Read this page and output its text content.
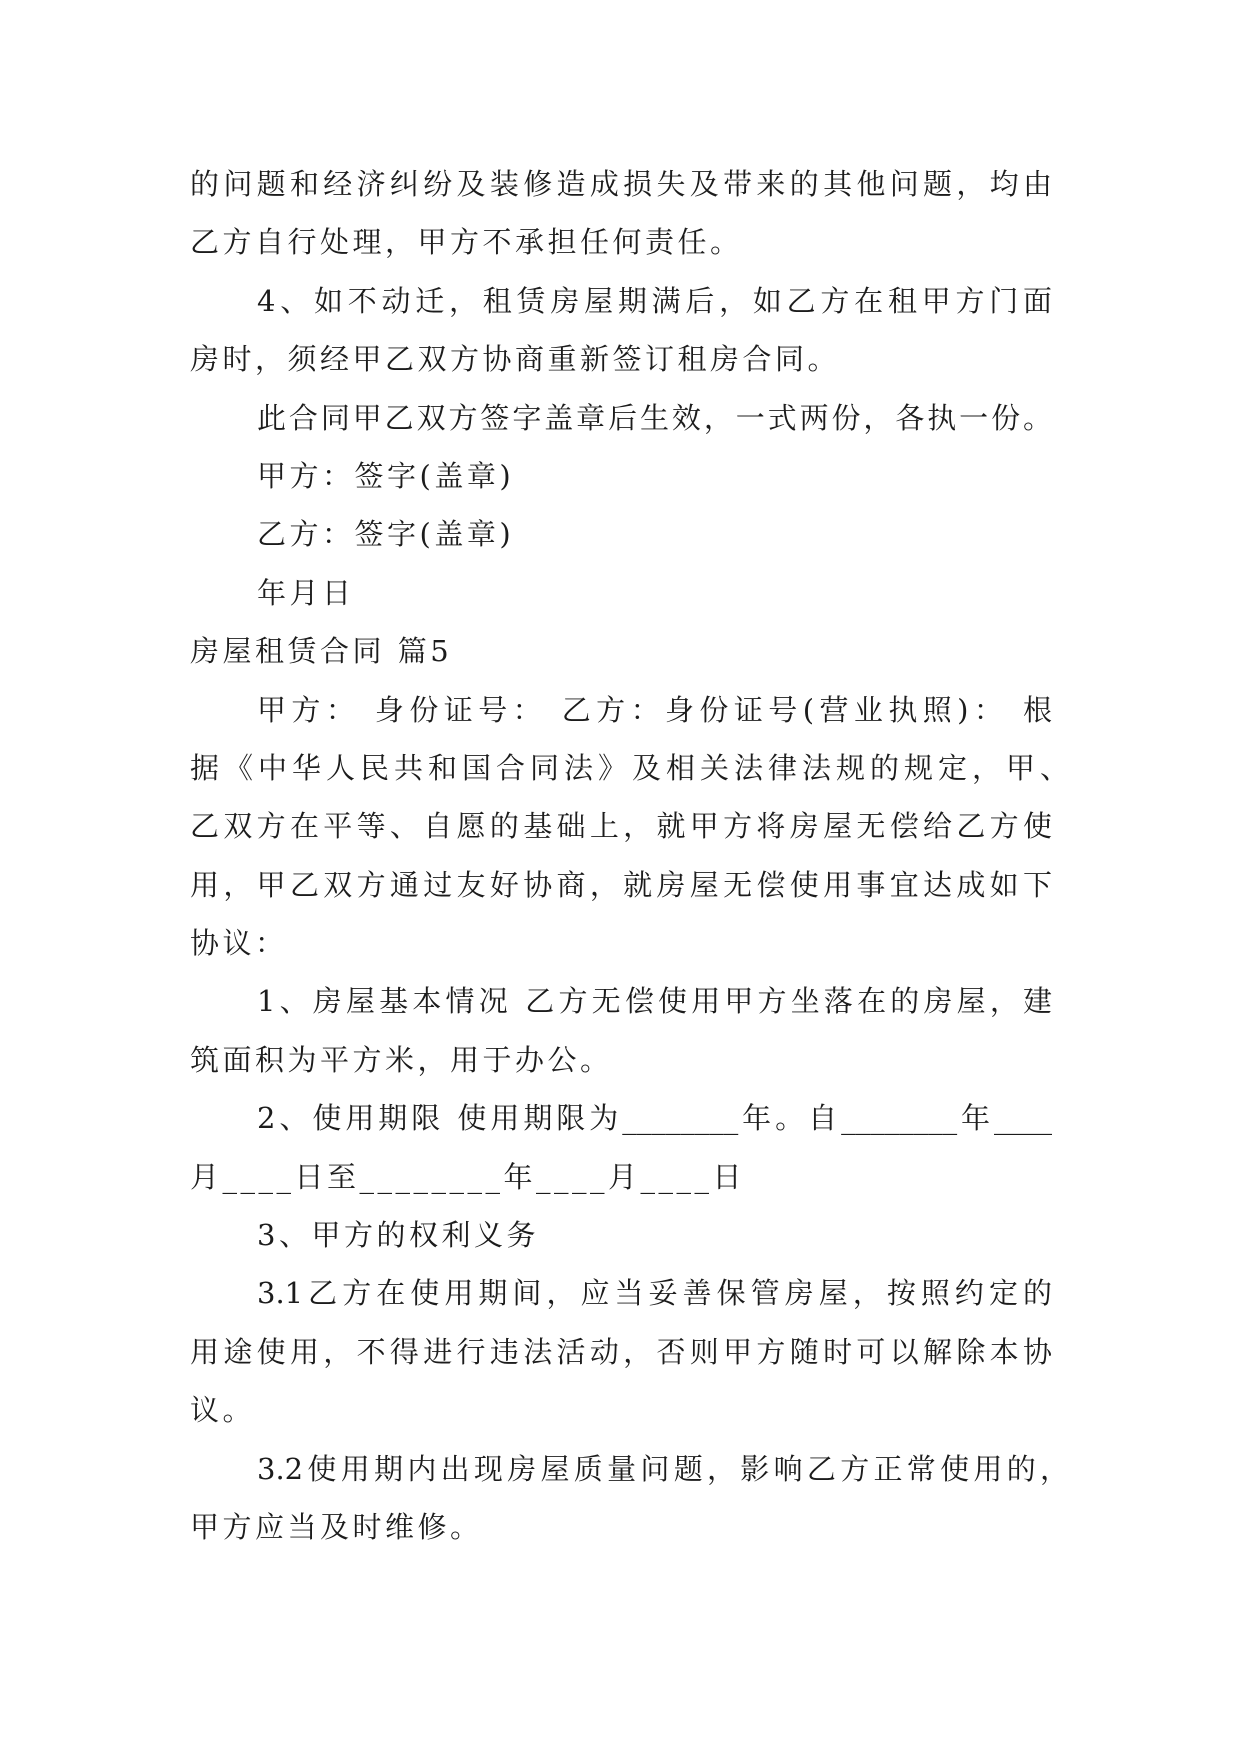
的问题和经济纠纷及装修造成损失及带来的其他问题，均由
乙方自行处理，甲方不承担任何责任。
4、如不动迁，租赁房屋期满后，如乙方在租甲方门面
房时，须经甲乙双方协商重新签订租房合同。
此合同甲乙双方签字盖章后生效，一式两份，各执一份。
甲方：签字(盖章)
乙方：签字(盖章)
年月日
房屋租赁合同 篇5
甲方： 身份证号： 乙方：身份证号(营业执照)： 根
据《中华人民共和国合同法》及相关法律法规的规定，甲、
乙双方在平等、自愿的基础上，就甲方将房屋无偿给乙方使
用，甲乙双方通过友好协商，就房屋无偿使用事宜达成如下
协议：
1、房屋基本情况 乙方无偿使用甲方坐落在的房屋，建
筑面积为平方米，用于办公。
2、使用期限 使用期限为________年。自________年____
月____日至________年____月____日
3、甲方的权利义务
3.1乙方在使用期间，应当妥善保管房屋，按照约定的
用途使用，不得进行违法活动，否则甲方随时可以解除本协
议。
3.2使用期内出现房屋质量问题，影响乙方正常使用的，
甲方应当及时维修。
